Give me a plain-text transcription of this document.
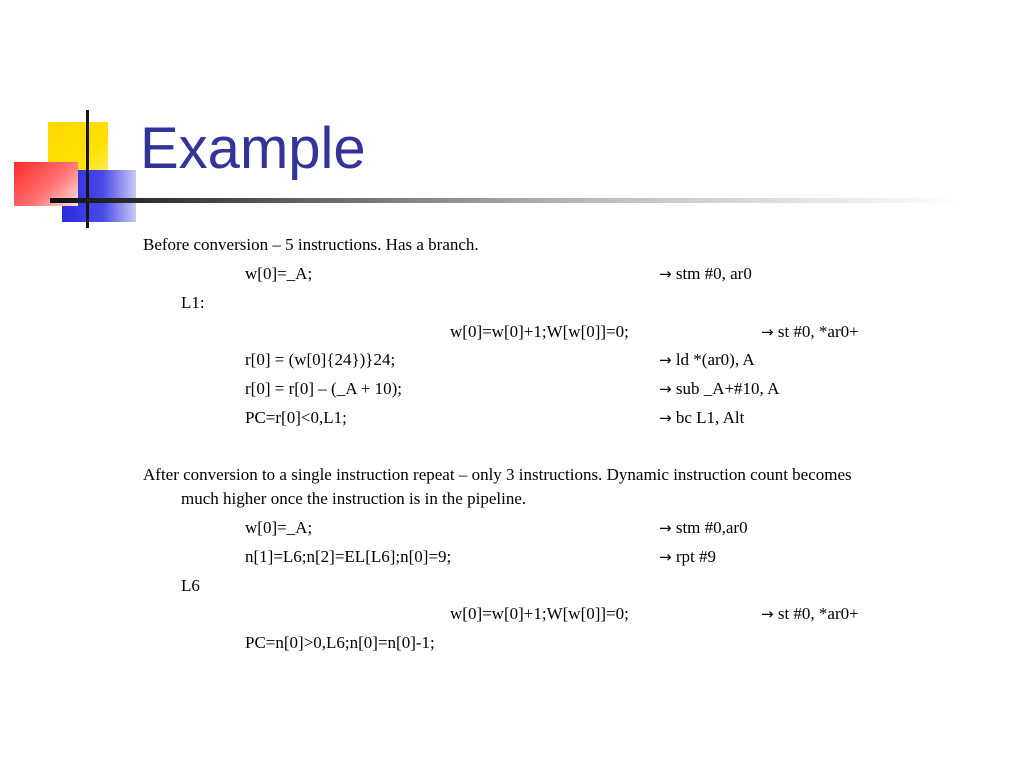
Example
Before conversion – 5 instructions. Has a branch.
w[0]=_A;	→ stm #0, ar0
L1:
w[0]=w[0]+1;W[w[0]]=0;	→ st #0, *ar0+
r[0] = (w[0]{24})}24;	→ ld *(ar0), A
r[0] = r[0] – (_A + 10);	→ sub _A+#10, A
PC=r[0]<0,L1;	→ bc L1, Alt
After conversion to a single instruction repeat – only 3 instructions. Dynamic instruction count becomes
much higher once the instruction is in the pipeline.
w[0]=_A;	→ stm #0,ar0
n[1]=L6;n[2]=EL[L6];n[0]=9;	→ rpt #9
L6
w[0]=w[0]+1;W[w[0]]=0;	→ st #0, *ar0+
PC=n[0]>0,L6;n[0]=n[0]-1;
